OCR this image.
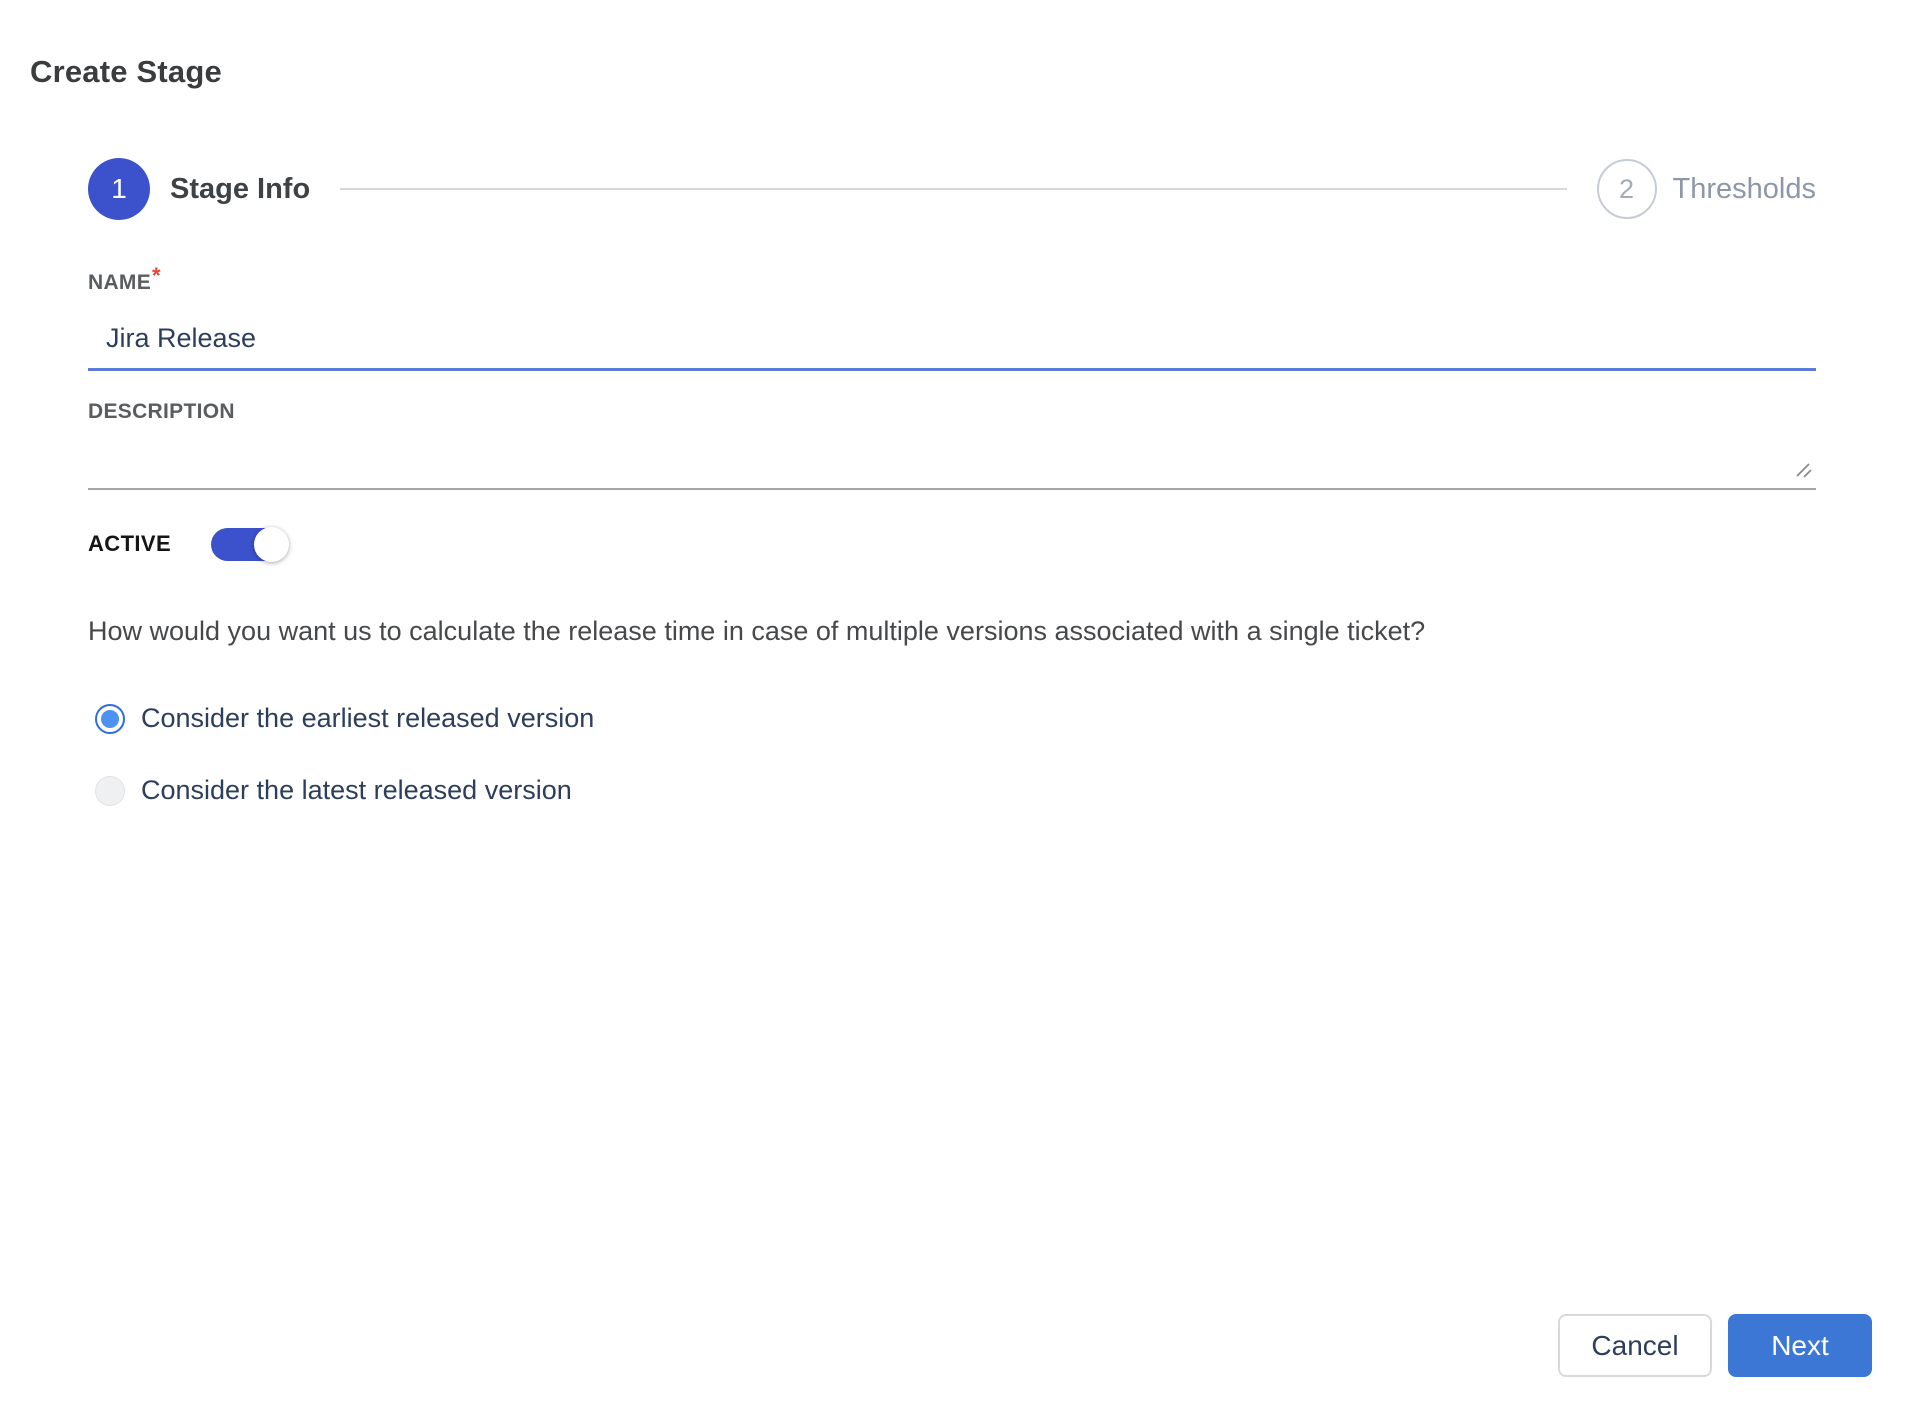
Create Stage
1 Stage Info	2 Thresholds
NAME*
Jira Release
DESCRIPTION
ACTIVE
How would you want us to calculate the release time in case of multiple versions associated with a single ticket?
Consider the earliest released version
Consider the latest released version
Cancel	Next
